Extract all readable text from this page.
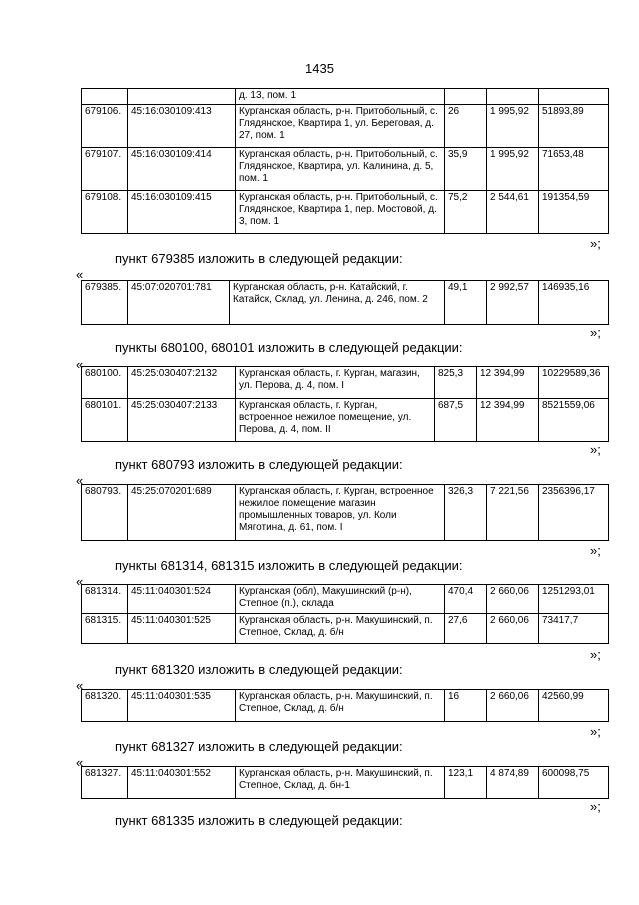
1435
		д. 13, пом. 1			
679106.	45:16:030109:413	Курганская область, р-н. Притобольный, с. Глядянское, Квартира 1, ул. Береговая, д. 27, пом. 1	26	1 995,92	51893,89
679107.	45:16:030109:414	Курганская область, р-н. Притобольный, с. Глядянское, Квартира, ул. Калинина, д. 5, пом. 1	35,9	1 995,92	71653,48
679108.	45:16:030109:415	Курганская область, р-н. Притобольный, с. Глядянское, Квартира 1, пер. Мостовой, д. 3, пом. 1	75,2	2 544,61	191354,59
»;
пункт 679385 изложить в следующей редакции:
«
679385.	45:07:020701:781	Курганская область, р-н. Катайский, г. Катайск, Склад, ул. Ленина, д. 246, пом. 2	49,1	2 992,57	146935,16
»;
пункты 680100, 680101 изложить в следующей редакции:
«
680100.	45:25:030407:2132	Курганская область, г. Курган, магазин, ул. Перова, д. 4, пом. I	825,3	12 394,99	10229589,36
680101.	45:25:030407:2133	Курганская область, г. Курган, встроенное нежилое помещение, ул. Перова, д. 4, пом. II	687,5	12 394,99	8521559,06
»;
пункт 680793 изложить в следующей редакции:
«
680793.	45:25:070201:689	Курганская область, г. Курган, встроенное нежилое помещение магазин промышленных товаров, ул. Коли Мяготина, д. 61, пом. I	326,3	7 221,56	2356396,17
»;
пункты 681314, 681315 изложить в следующей редакции:
«
681314.	45:11:040301:524	Курганская (обл), Макушинский (р-н), Степное (п.), склада	470,4	2 660,06	1251293,01
681315.	45:11:040301:525	Курганская область, р-н. Макушинский, п. Степное, Склад, д. б/н	27,6	2 660,06	73417,7
»;
пункт 681320 изложить в следующей редакции:
«
681320.	45:11:040301:535	Курганская область, р-н. Макушинский, п. Степное, Склад, д. б/н	16	2 660,06	42560,99
»;
пункт 681327 изложить в следующей редакции:
«
681327.	45:11:040301:552	Курганская область, р-н. Макушинский, п. Степное, Склад, д. бн-1	123,1	4 874,89	600098,75
»;
пункт 681335 изложить в следующей редакции:
